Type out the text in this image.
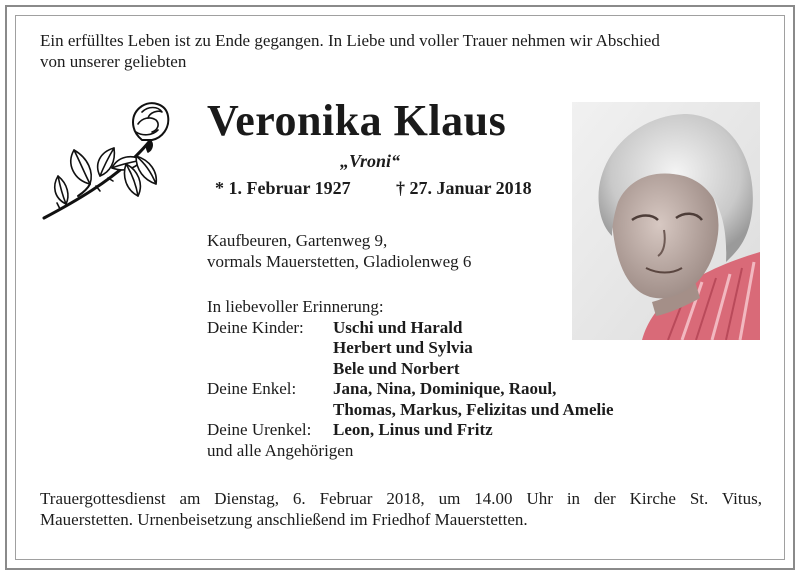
Ein erfülltes Leben ist zu Ende gegangen. In Liebe und voller Trauer nehmen wir Abschied
von unserer geliebten
Veronika Klaus
„Vroni“
* 1. Februar 1927	† 27. Januar 2018
Kaufbeuren, Gartenweg 9,
vormals Mauerstetten, Gladiolenweg 6
In liebevoller Erinnerung:
Deine Kinder:	Uschi und Harald
Herbert und Sylvia
Bele und Norbert
Deine Enkel:	Jana, Nina, Dominique, Raoul,
Thomas, Markus, Felizitas und Amelie
Deine Urenkel:	Leon, Linus und Fritz
und alle Angehörigen
Trauergottesdienst am Dienstag, 6. Februar 2018, um 14.00 Uhr in der Kirche St. Vitus,
Mauerstetten. Urnenbeisetzung anschließend im Friedhof Mauerstetten.
